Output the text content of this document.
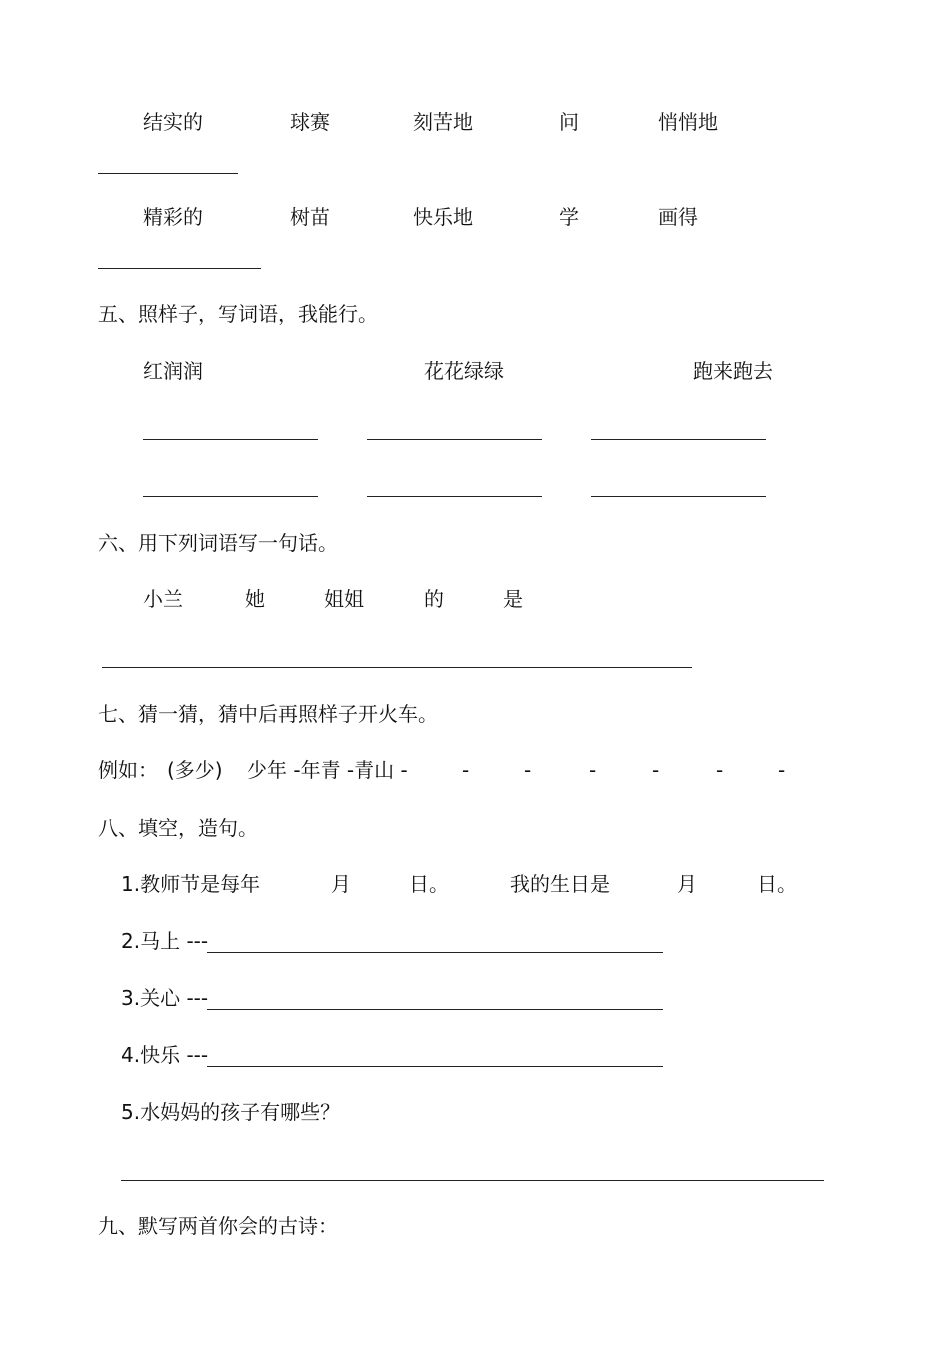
结实的	球赛	刻苦地	问	悄悄地
精彩的	树苗	快乐地	学	画得
五、照样子，写词语，我能行。
红润润	花花绿绿	跑来跑去
六、用下列词语写一句话。
小兰	她	姐姐	的	是
七、猜一猜，猜中后再照样子开火车。
例如： (多少) 少年 -年青 -青山 -	-	-	-	-	-	-
八、填空，造句。
1.教师节是每年	月	日。	我的生日是	月	日。
2.马上 ---
3.关心 ---
4.快乐 ---
5.水妈妈的孩子有哪些？
九、默写两首你会的古诗：
